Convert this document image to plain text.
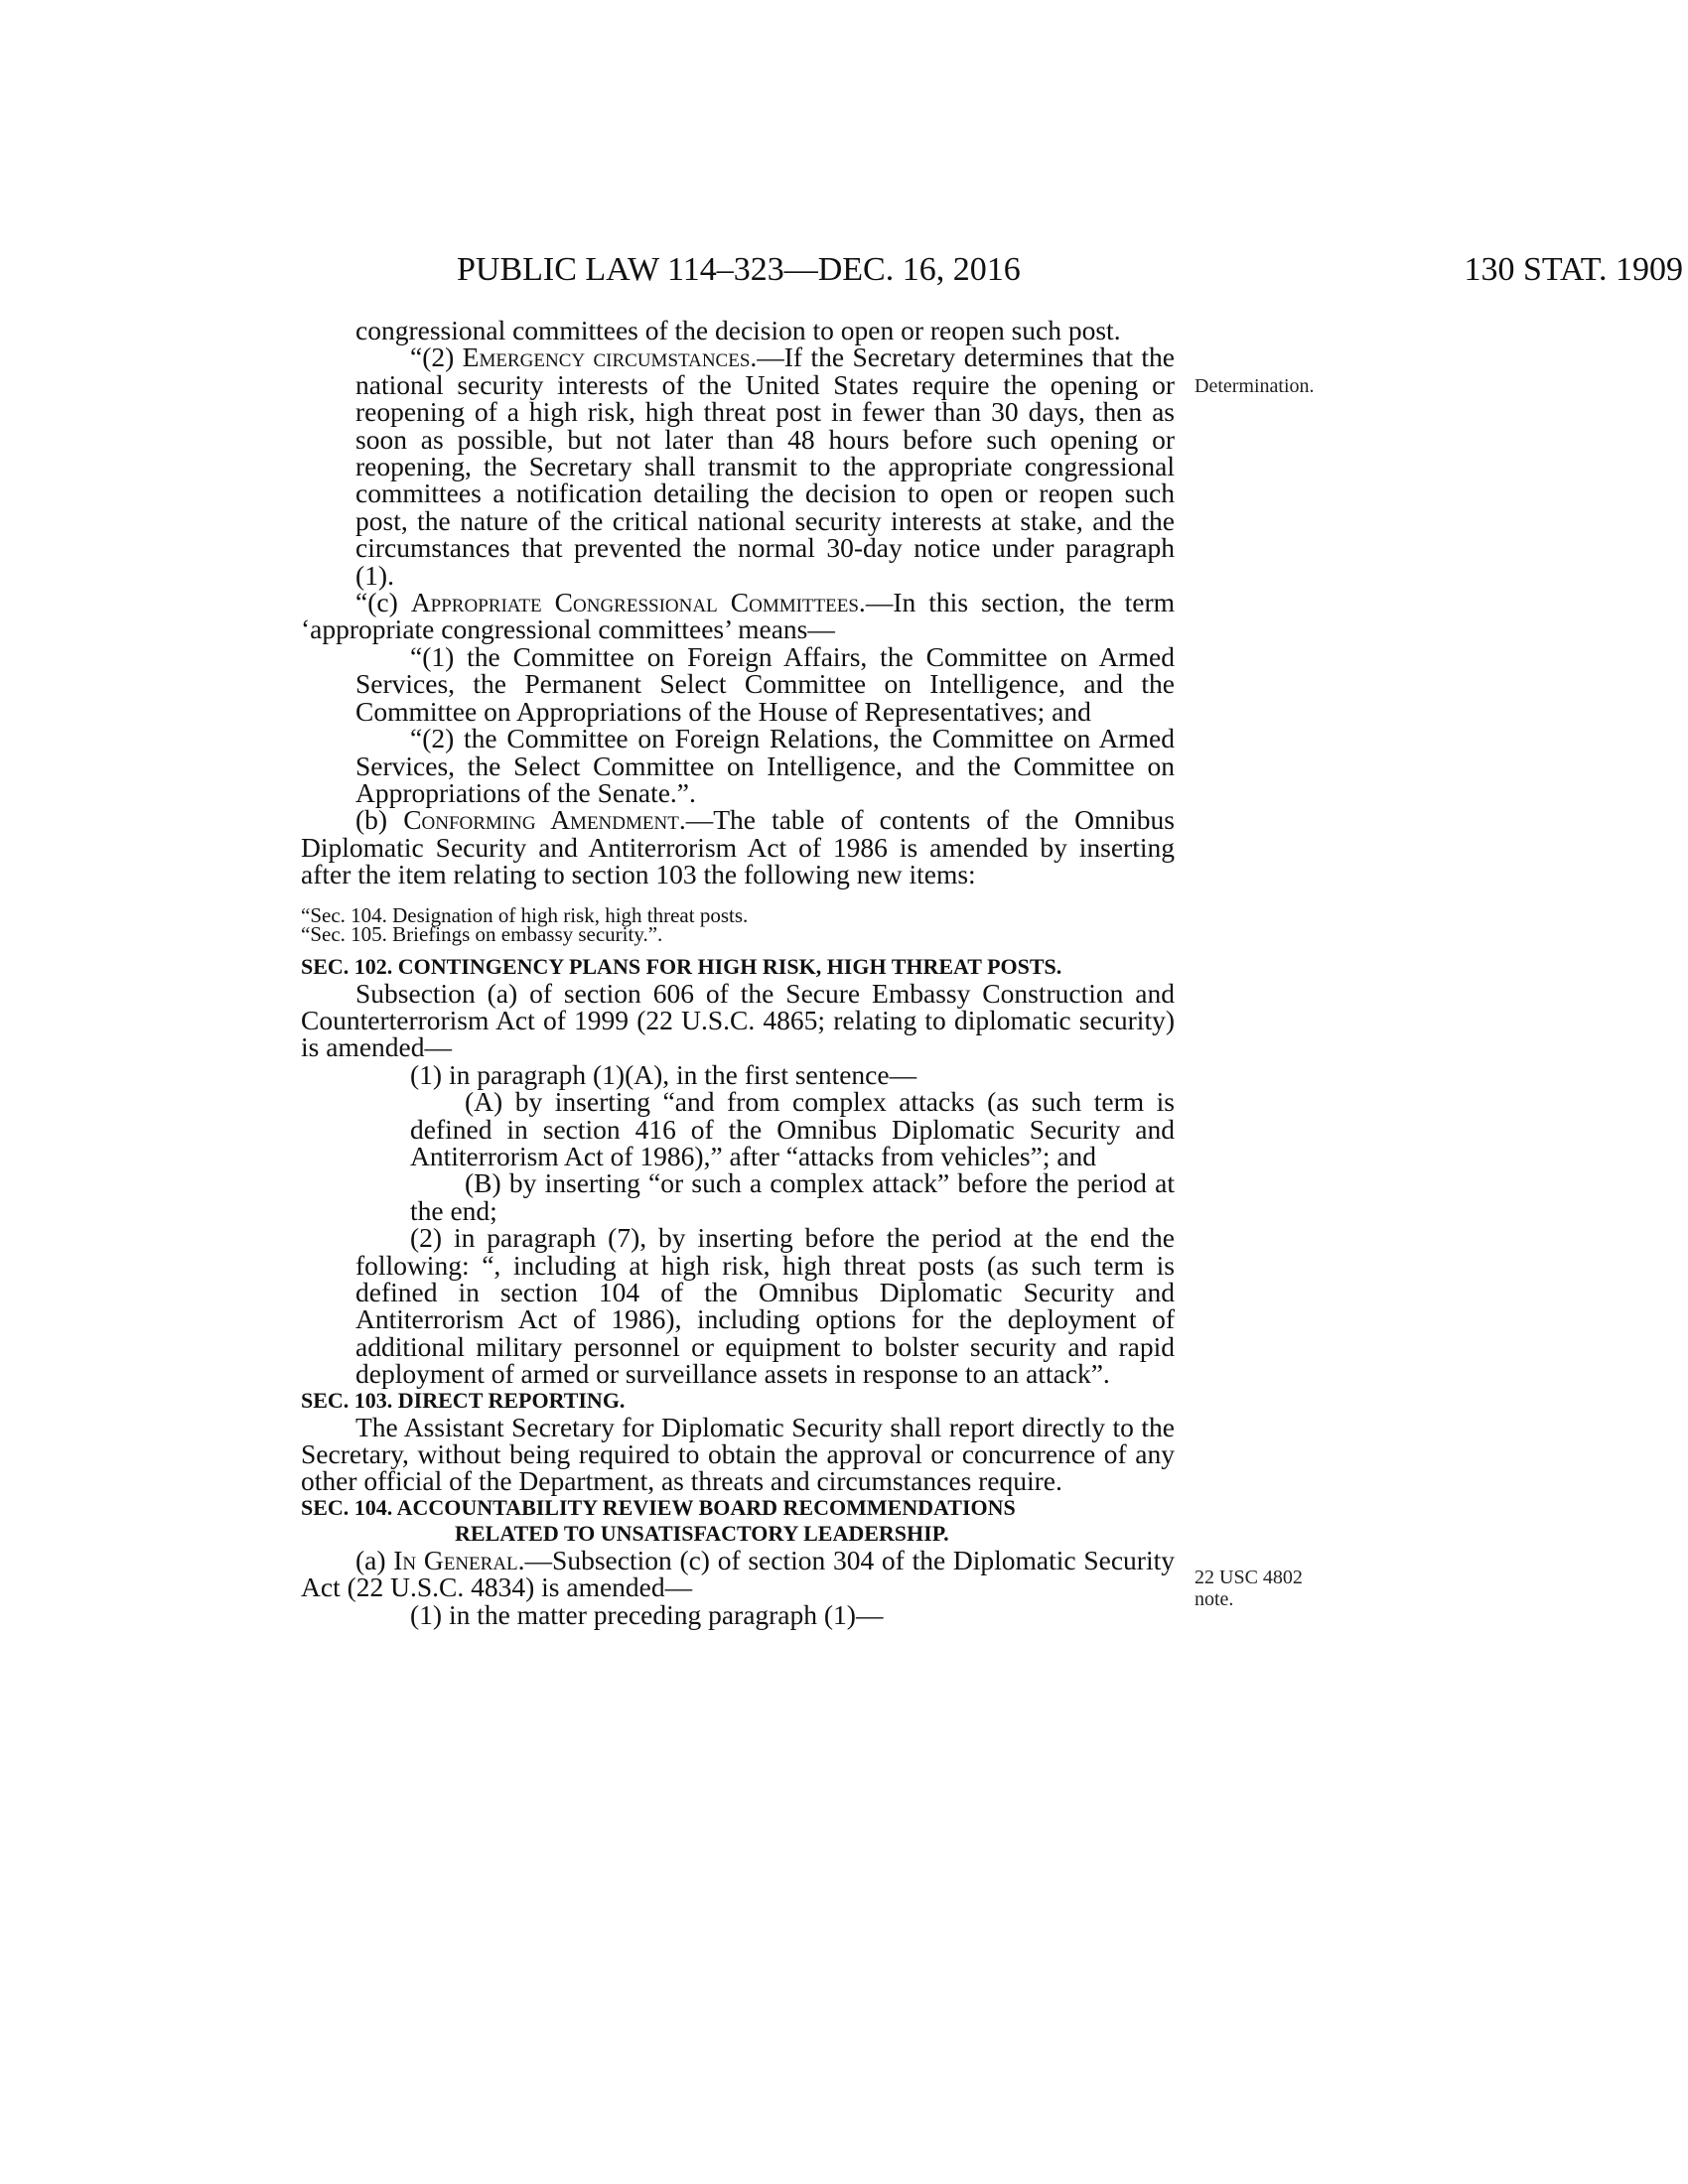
PUBLIC LAW 114–323—DEC. 16, 2016	130 STAT. 1909
Determination.
22 USC 4802
note.

congressional committees of the decision to open or reopen such post.

“(2) Emergency circumstances.—If the Secretary determines that the national security interests of the United States require the opening or reopening of a high risk, high threat post in fewer than 30 days, then as soon as possible, but not later than 48 hours before such opening or reopening, the Secretary shall transmit to the appropriate congressional committees a notification detailing the decision to open or reopen such post, the nature of the critical national security interests at stake, and the circumstances that prevented the normal 30-day notice under paragraph (1).

“(c) Appropriate Congressional Committees.—In this section, the term ‘appropriate congressional committees’ means—

“(1) the Committee on Foreign Affairs, the Committee on Armed Services, the Permanent Select Committee on Intelligence, and the Committee on Appropriations of the House of Representatives; and

“(2) the Committee on Foreign Relations, the Committee on Armed Services, the Select Committee on Intelligence, and the Committee on Appropriations of the Senate.”.

(b) Conforming Amendment.—The table of contents of the Omnibus Diplomatic Security and Antiterrorism Act of 1986 is amended by inserting after the item relating to section 103 the following new items:

“Sec. 104. Designation of high risk, high threat posts.

“Sec. 105. Briefings on embassy security.”.

SEC. 102. CONTINGENCY PLANS FOR HIGH RISK, HIGH THREAT POSTS.

Subsection (a) of section 606 of the Secure Embassy Construction and Counterterrorism Act of 1999 (22 U.S.C. 4865; relating to diplomatic security) is amended—

(1) in paragraph (1)(A), in the first sentence—

(A) by inserting “and from complex attacks (as such term is defined in section 416 of the Omnibus Diplomatic Security and Antiterrorism Act of 1986),” after “attacks from vehicles”; and

(B) by inserting “or such a complex attack” before the period at the end;

(2) in paragraph (7), by inserting before the period at the end the following: “, including at high risk, high threat posts (as such term is defined in section 104 of the Omnibus Diplomatic Security and Antiterrorism Act of 1986), including options for the deployment of additional military personnel or equipment to bolster security and rapid deployment of armed or surveillance assets in response to an attack”.

SEC. 103. DIRECT REPORTING.

The Assistant Secretary for Diplomatic Security shall report directly to the Secretary, without being required to obtain the approval or concurrence of any other official of the Department, as threats and circumstances require.

SEC. 104. ACCOUNTABILITY REVIEW BOARD RECOMMENDATIONS
RELATED TO UNSATISFACTORY LEADERSHIP.

(a) In General.—Subsection (c) of section 304 of the Diplomatic Security Act (22 U.S.C. 4834) is amended—

(1) in the matter preceding paragraph (1)—
